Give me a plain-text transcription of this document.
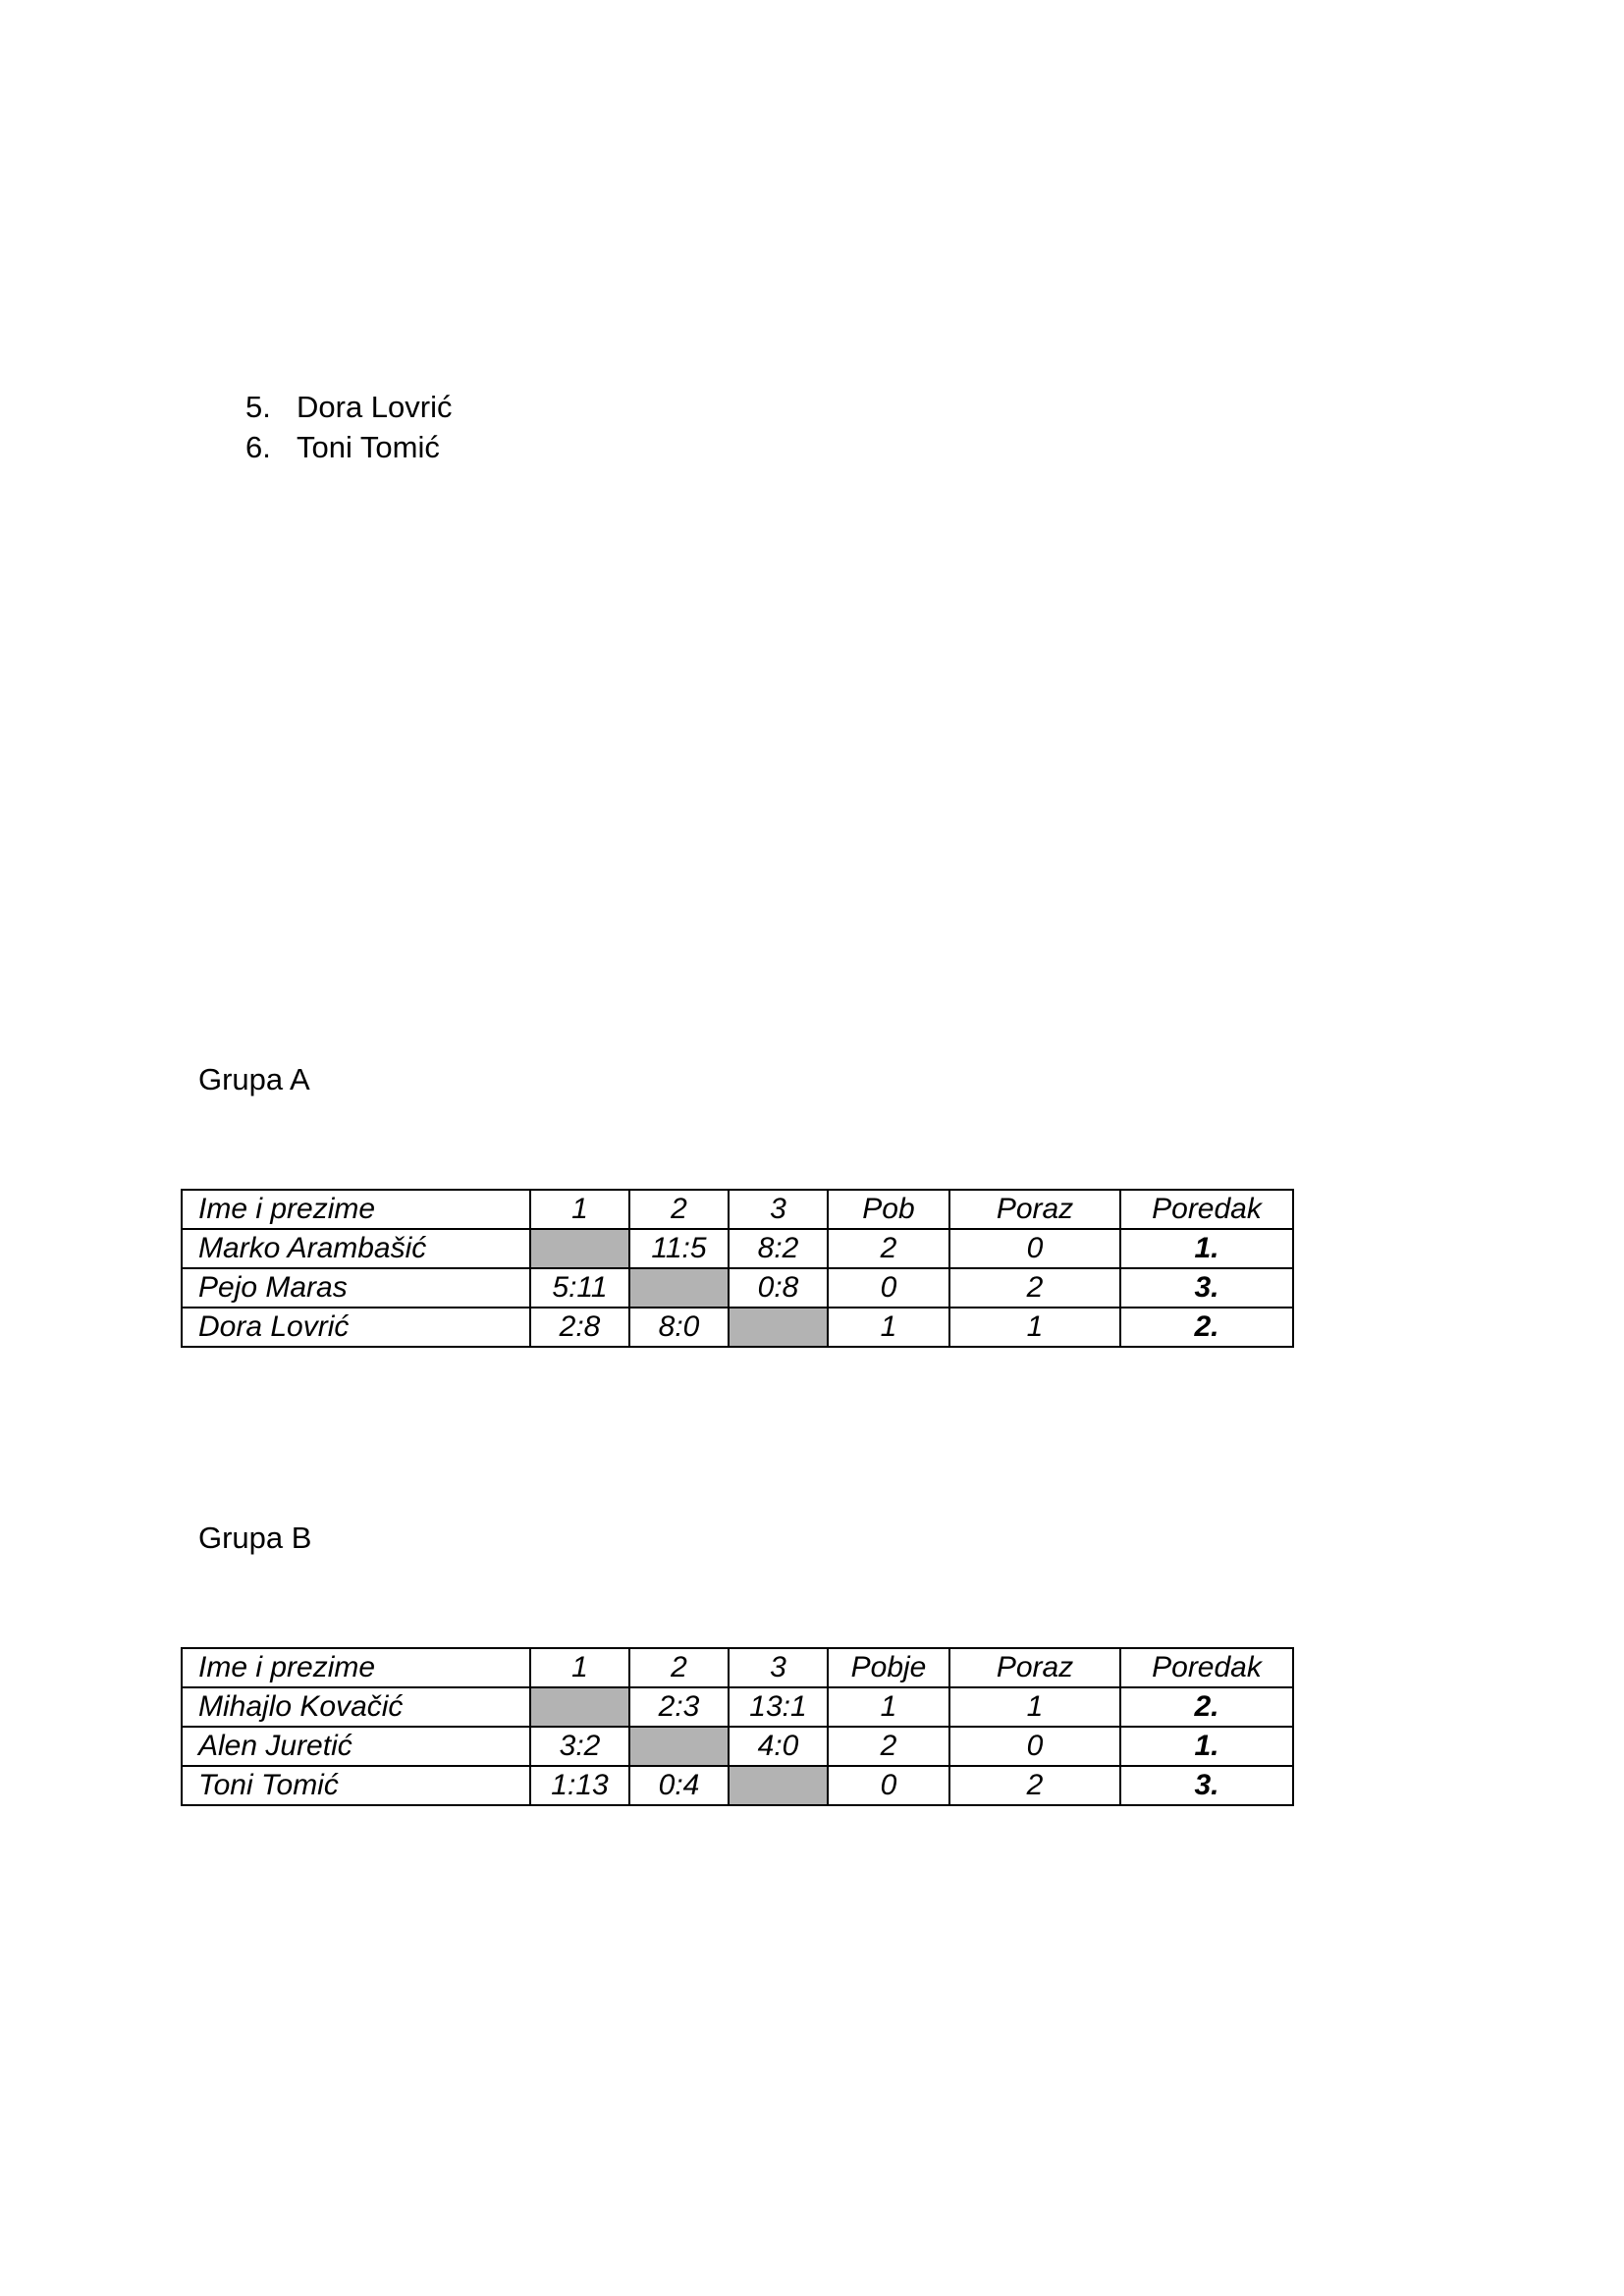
5. Dora Lovrić
6. Toni Tomić
Grupa A
Ime i prezime	1	2	3	Pob	Poraz	Poredak
Marko Arambašić		11:5	8:2	2	0	1.
Pejo Maras	5:11		0:8	0	2	3.
Dora Lovrić	2:8	8:0		1	1	2.
Grupa B
Ime i prezime	1	2	3	Pobje	Poraz	Poredak
Mihajlo Kovačić		2:3	13:1	1	1	2.
Alen Juretić	3:2		4:0	2	0	1.
Toni Tomić	1:13	0:4		0	2	3.
